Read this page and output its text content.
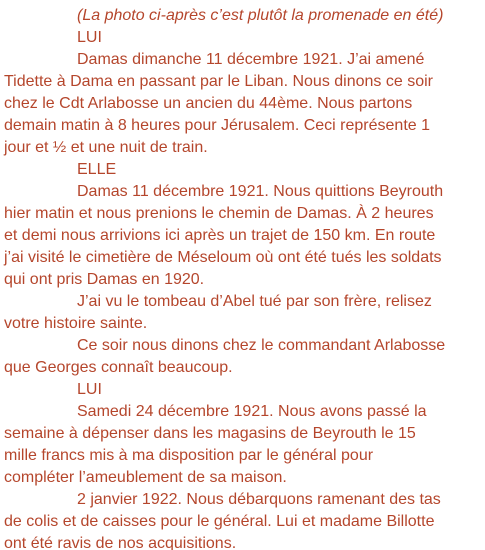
(La photo ci-après c’est plutôt la promenade en été)
LUI
Damas dimanche 11 décembre 1921. J’ai amené
Tidette à Dama en passant par le Liban. Nous dinons ce soir
chez le Cdt Arlabosse un ancien du 44ème. Nous partons
demain matin à 8 heures pour Jérusalem. Ceci représente 1
jour et ½ et une nuit de train.
ELLE
Damas 11 décembre 1921. Nous quittions Beyrouth
hier matin et nous prenions le chemin de Damas. À 2 heures
et demi nous arrivions ici après un trajet de 150 km. En route
j’ai visité le cimetière de Méseloum où ont été tués les soldats
qui ont pris Damas en 1920.
J’ai vu le tombeau d’Abel tué par son frère, relisez
votre histoire sainte.
Ce soir nous dinons chez le commandant Arlabosse
que Georges connaît beaucoup.
LUI
Samedi 24 décembre 1921. Nous avons passé la
semaine à dépenser dans les magasins de Beyrouth le 15
mille francs mis à ma disposition par le général pour
compléter l’ameublement de sa maison.
2 janvier 1922. Nous débarquons ramenant des tas
de colis et de caisses pour le général. Lui et madame Billotte
ont été ravis de nos acquisitions.
